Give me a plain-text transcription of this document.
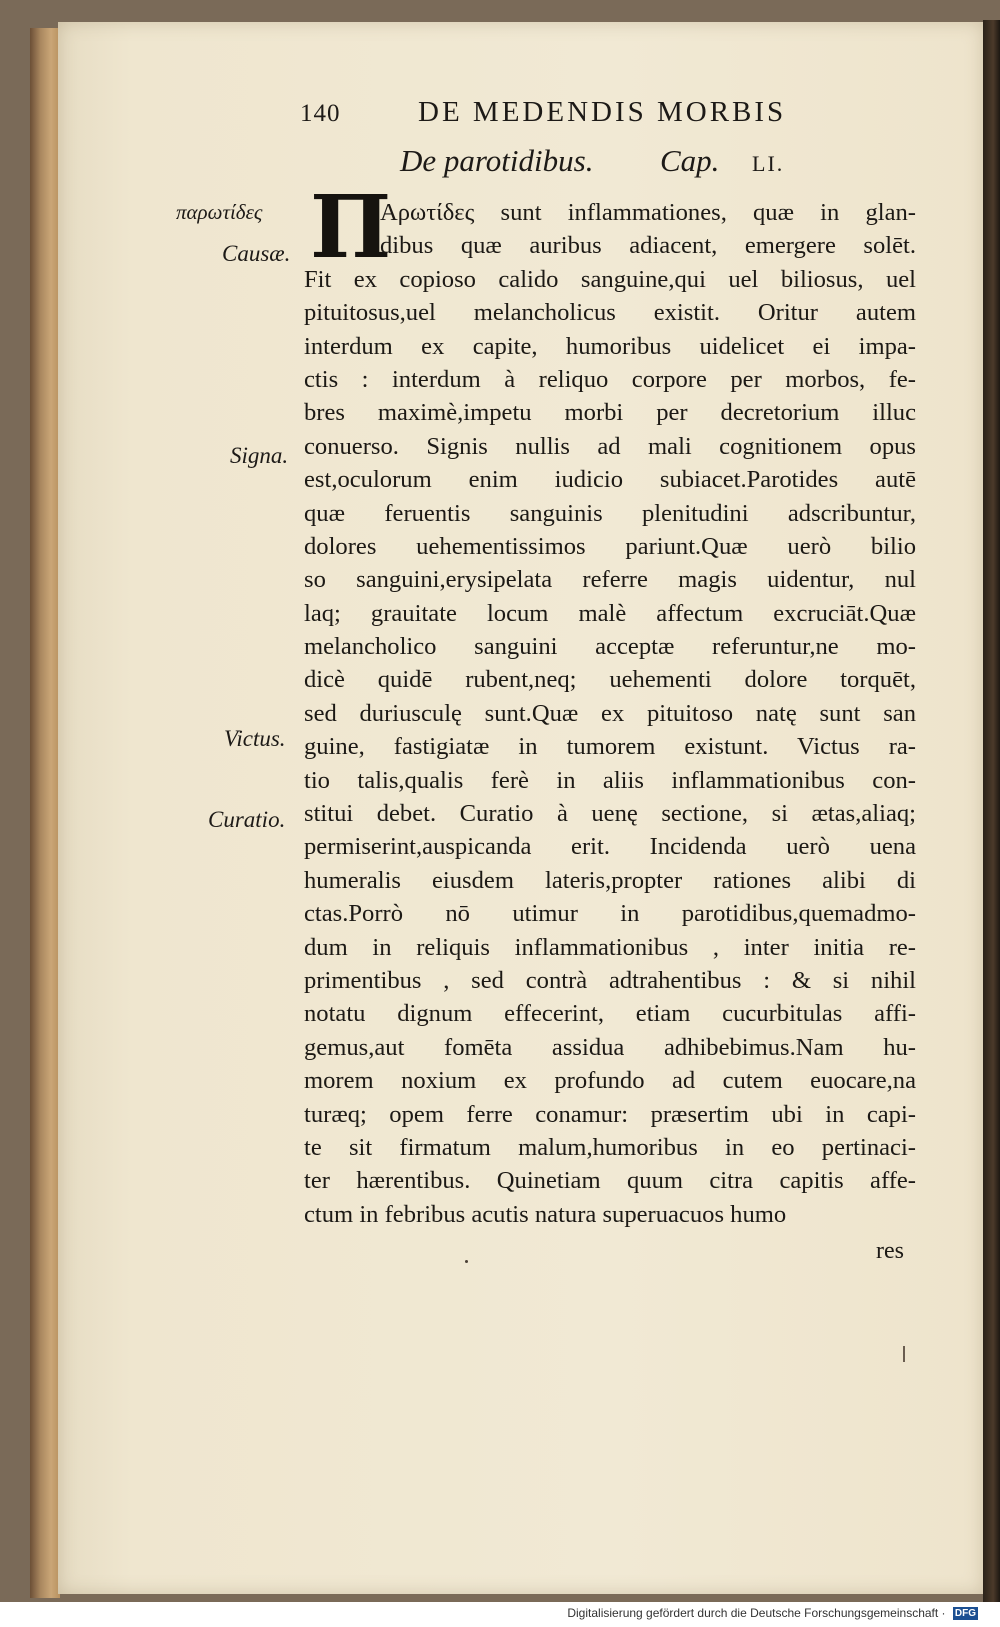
140	DE MEDENDIS MORBIS
De parotidibus. Cap. LI.
παρωτίδες
Causæ.
Signa.
Victus.
Curatio.
Π
Αρωτίδες sunt inflammationes, quæ in glan-
dibus quæ auribus adiacent, emergere solēt.
Fit ex copioso calido sanguine,qui uel biliosus, uel
pituitosus,uel melancholicus existit. Oritur autem
interdum ex capite, humoribus uidelicet ei impa-
ctis : interdum à reliquo corpore per morbos, fe-
bres maximè,impetu morbi per decretorium illuc
conuerso. Signis nullis ad mali cognitionem opus
est,oculorum enim iudicio subiacet.Parotides autē
quæ feruentis sanguinis plenitudini adscribuntur,
dolores uehementissimos pariunt.Quæ uerò bilio
so sanguini,erysipelata referre magis uidentur, nul
laq; grauitate locum malè affectum excruciāt.Quæ
melancholico sanguini acceptæ referuntur,ne mo-
dicè quidē rubent,neq; uehementi dolore torquēt,
sed duriusculę sunt.Quæ ex pituitoso natę sunt san
guine, fastigiatæ in tumorem existunt. Victus ra-
tio talis,qualis ferè in aliis inflammationibus con-
stitui debet. Curatio à uenę sectione, si ætas,aliaq;
permiserint,auspicanda erit. Incidenda uerò uena
humeralis eiusdem lateris,propter rationes alibi di
ctas.Porrò nō utimur in parotidibus,quemadmo-
dum in reliquis inflammationibus , inter initia re-
primentibus , sed contrà adtrahentibus : & si nihil
notatu dignum effecerint, etiam cucurbitulas affi-
gemus,aut fomēta assidua adhibebimus.Nam hu-
morem noxium ex profundo ad cutem euocare,na
turæq; opem ferre conamur: præsertim ubi in capi-
te sit firmatum malum,humoribus in eo pertinaci-
ter hærentibus. Quinetiam quum citra capitis affe-
ctum in febribus acutis natura superuacuos humo
res
Digitalisierung gefördert durch die Deutsche Forschungsgemeinschaft · DFG
